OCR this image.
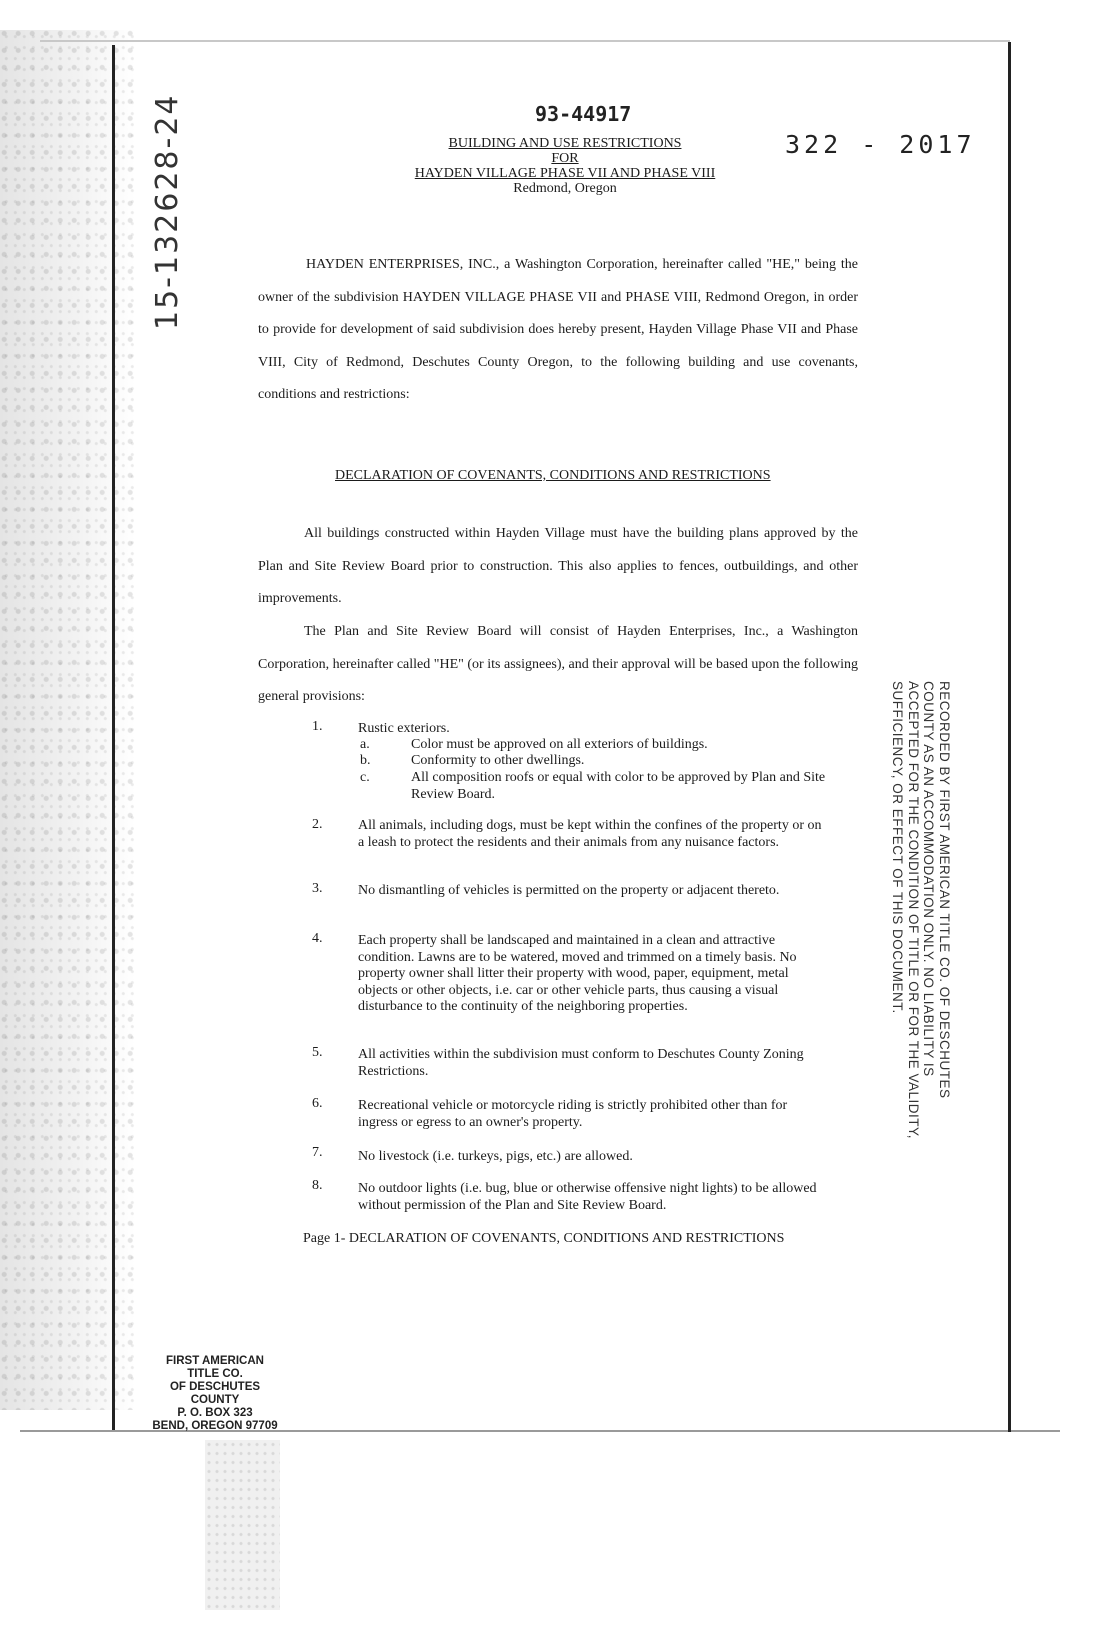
15-132628-24	93-44917
322 - 2017
BUILDING AND USE RESTRICTIONS
FOR
HAYDEN VILLAGE PHASE VII AND PHASE VIII
Redmond, Oregon
HAYDEN ENTERPRISES, INC., a Washington Corporation, hereinafter called "HE," being the owner of the subdivision HAYDEN VILLAGE PHASE VII and PHASE VIII, Redmond Oregon, in order to provide for development of said subdivision does hereby present, Hayden Village Phase VII and Phase VIII, City of Redmond, Deschutes County Oregon, to the following building and use covenants, conditions and restrictions:
DECLARATION OF COVENANTS, CONDITIONS AND RESTRICTIONS
All buildings constructed within Hayden Village must have the building plans approved by the Plan and Site Review Board prior to construction. This also applies to fences, outbuildings, and other improvements.
The Plan and Site Review Board will consist of Hayden Enterprises, Inc., a Washington Corporation, hereinafter called "HE" (or its assignees), and their approval will be based upon the following general provisions:
1.	Rustic exteriors.
a.	Color must be approved on all exteriors of buildings.
b.	Conformity to other dwellings.
c.	All composition roofs or equal with color to be approved by Plan and Site Review Board.
2.	All animals, including dogs, must be kept within the confines of the property or on a leash to protect the residents and their animals from any nuisance factors.
3.	No dismantling of vehicles is permitted on the property or adjacent thereto.
4.	Each property shall be landscaped and maintained in a clean and attractive condition. Lawns are to be watered, moved and trimmed on a timely basis. No property owner shall litter their property with wood, paper, equipment, metal objects or other objects, i.e. car or other vehicle parts, thus causing a visual disturbance to the continuity of the neighboring properties.
5.	All activities within the subdivision must conform to Deschutes County Zoning Restrictions.
6.	Recreational vehicle or motorcycle riding is strictly prohibited other than for ingress or egress to an owner's property.
7.	No livestock (i.e. turkeys, pigs, etc.) are allowed.
8.	No outdoor lights (i.e. bug, blue or otherwise offensive night lights) to be allowed without permission of the Plan and Site Review Board.
Page 1- DECLARATION OF COVENANTS, CONDITIONS AND RESTRICTIONS
RECORDED BY FIRST AMERICAN TITLE CO. OF DESCHUTES
COUNTY AS AN ACCOMMODATION ONLY. NO LIABILITY IS
ACCEPTED FOR THE CONDITION OF TITLE OR FOR THE VALIDITY,
SUFFICIENCY, OR EFFECT OF THIS DOCUMENT.
FIRST AMERICAN TITLE CO.
OF DESCHUTES COUNTY
P. O. BOX 323
BEND, OREGON 97709
